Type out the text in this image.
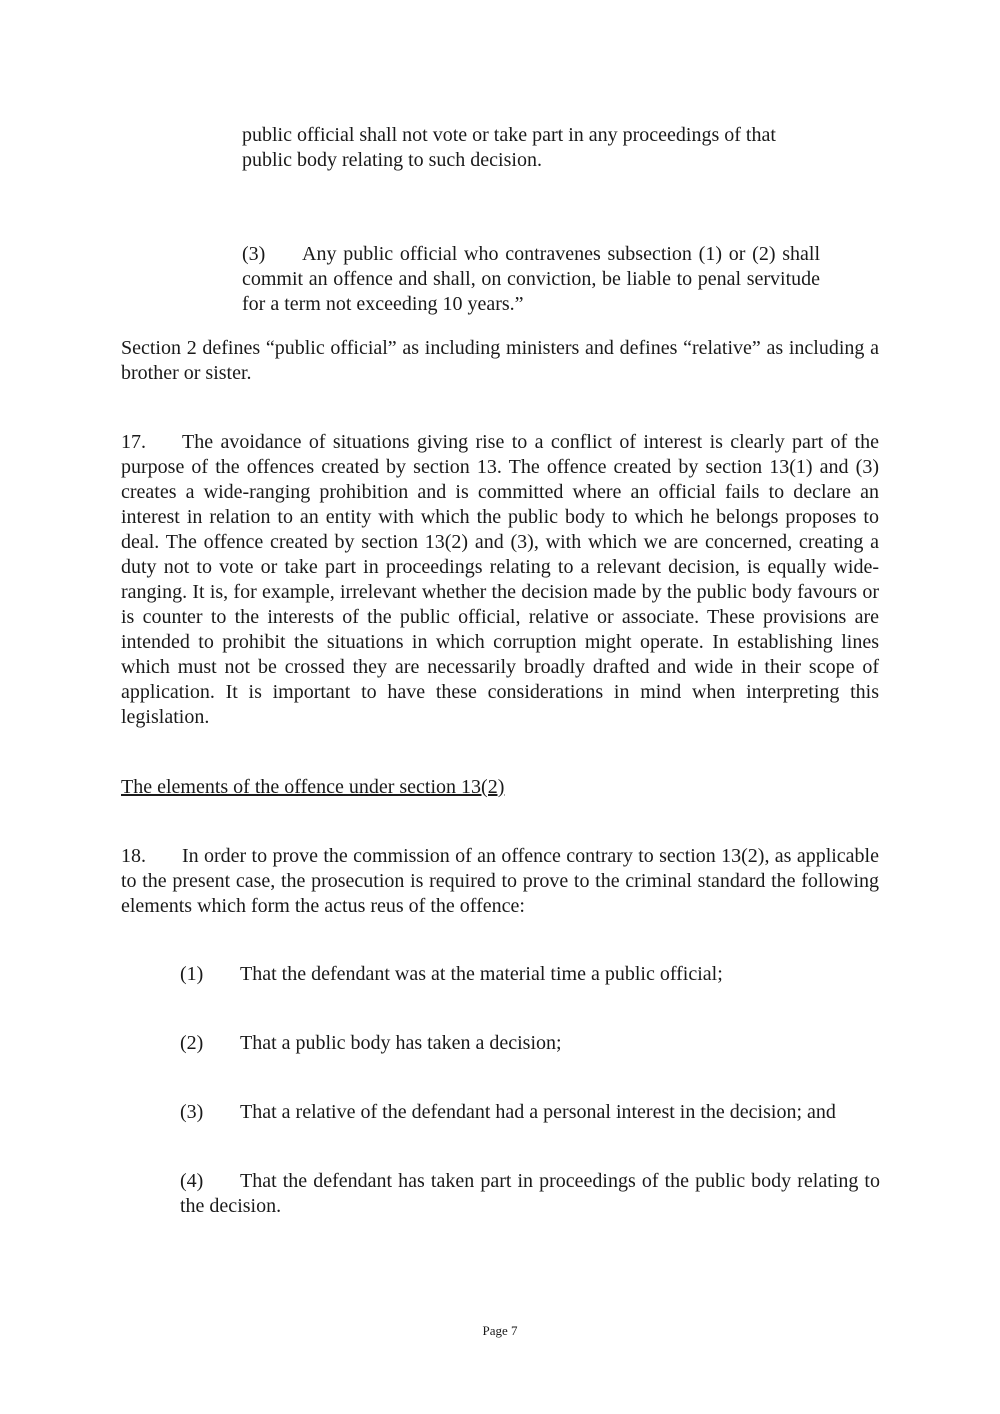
public official shall not vote or take part in any proceedings of that public body relating to such decision.

(3) Any public official who contravenes subsection (1) or (2) shall commit an offence and shall, on conviction, be liable to penal servitude for a term not exceeding 10 years.”

Section 2 defines “public official” as including ministers and defines “relative” as including a brother or sister.

17. The avoidance of situations giving rise to a conflict of interest is clearly part of the purpose of the offences created by section 13. The offence created by section 13(1) and (3) creates a wide-ranging prohibition and is committed where an official fails to declare an interest in relation to an entity with which the public body to which he belongs proposes to deal. The offence created by section 13(2) and (3), with which we are concerned, creating a duty not to vote or take part in proceedings relating to a relevant decision, is equally wide-ranging. It is, for example, irrelevant whether the decision made by the public body favours or is counter to the interests of the public official, relative or associate. These provisions are intended to prohibit the situations in which corruption might operate. In establishing lines which must not be crossed they are necessarily broadly drafted and wide in their scope of application. It is important to have these considerations in mind when interpreting this legislation.

The elements of the offence under section 13(2)

18. In order to prove the commission of an offence contrary to section 13(2), as applicable to the present case, the prosecution is required to prove to the criminal standard the following elements which form the actus reus of the offence:

(1) That the defendant was at the material time a public official;

(2) That a public body has taken a decision;

(3) That a relative of the defendant had a personal interest in the decision; and

(4) That the defendant has taken part in proceedings of the public body relating to the decision.

Page 7
